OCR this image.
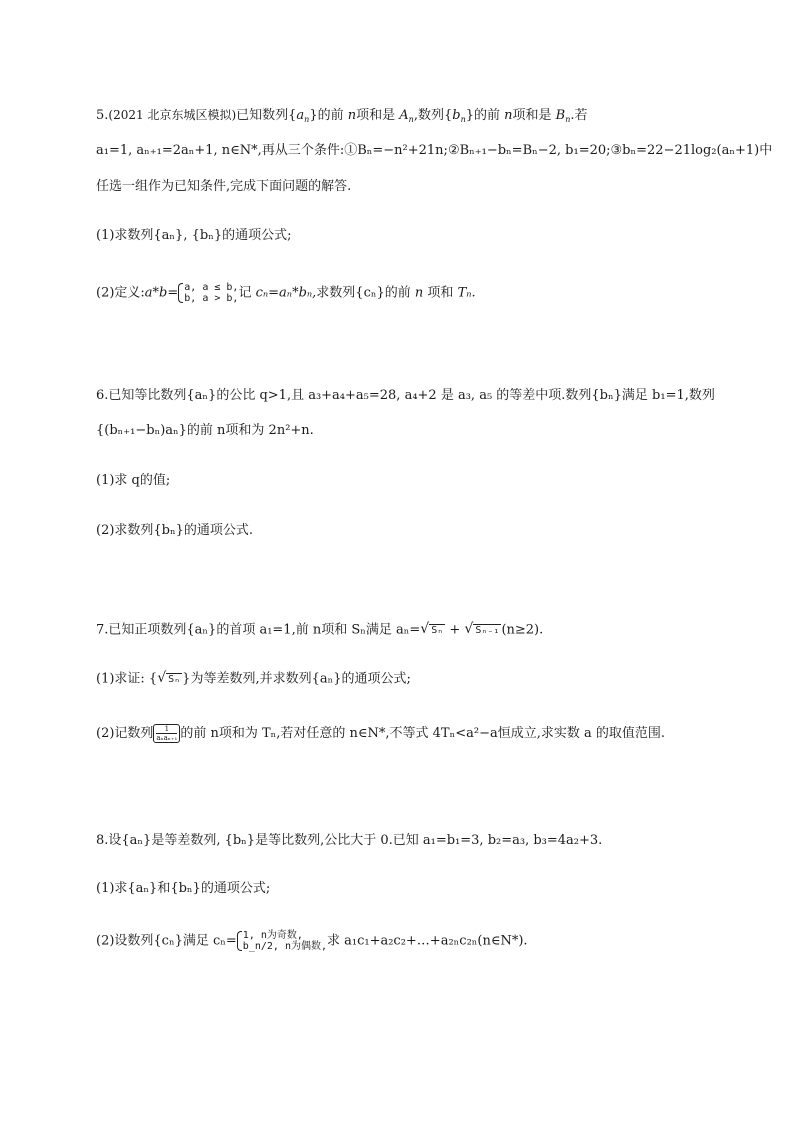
5.(2021 北京东城区模拟)已知数列$\{a_n\}$的前 n项和是 $A_n$,数列$\{b_n\}$的前 n项和是 $B_n$.若
a₁=1, aₙ₊₁=2aₙ+1, n∈N*,再从三个条件:①Bₙ=−n²+21n;②Bₙ₊₁−bₙ=Bₙ−2, b₁=20;③bₙ=22−21log₂(aₙ+1)中
任选一组作为已知条件,完成下面问题的解答.
(1)求数列{aₙ}, {bₙ}的通项公式;
(2)定义:a*b= a, a ≤ b,
b, a > b, 记 cₙ=aₙ*bₙ,求数列{cₙ}的前 n 项和 Tₙ.
6.已知等比数列{aₙ}的公比 q>1,且 a₃+a₄+a₅=28, a₄+2 是 a₃, a₅ 的等差中项.数列{bₙ}满足 b₁=1,数列
{(bₙ₊₁−bₙ)aₙ}的前 n项和为 2n²+n.
(1)求 q的值;
(2)求数列{bₙ}的通项公式.
7.已知正项数列{aₙ}的首项 a₁=1,前 n项和 Sₙ满足 aₙ=√ Sₙ + √ Sₙ₋₁ (n≥2).
(1)求证: {√ Sₙ }为等差数列,并求数列{aₙ}的通项公式;
(2)记数列	1
aₙaₙ₊₁ 的前 n项和为 Tₙ,若对任意的 n∈N*,不等式 4Tₙ<a²−a恒成立,求实数 a 的取值范围.
8.设{aₙ}是等差数列, {bₙ}是等比数列,公比大于 0.已知 a₁=b₁=3, b₂=a₃, b₃=4a₂+3.
(1)求{aₙ}和{bₙ}的通项公式;
(2)设数列{cₙ}满足 cₙ= 1, n为奇数,
b_n/2, n为偶数, 求 a₁c₁+a₂c₂+…+a₂ₙc₂ₙ(n∈N*).
